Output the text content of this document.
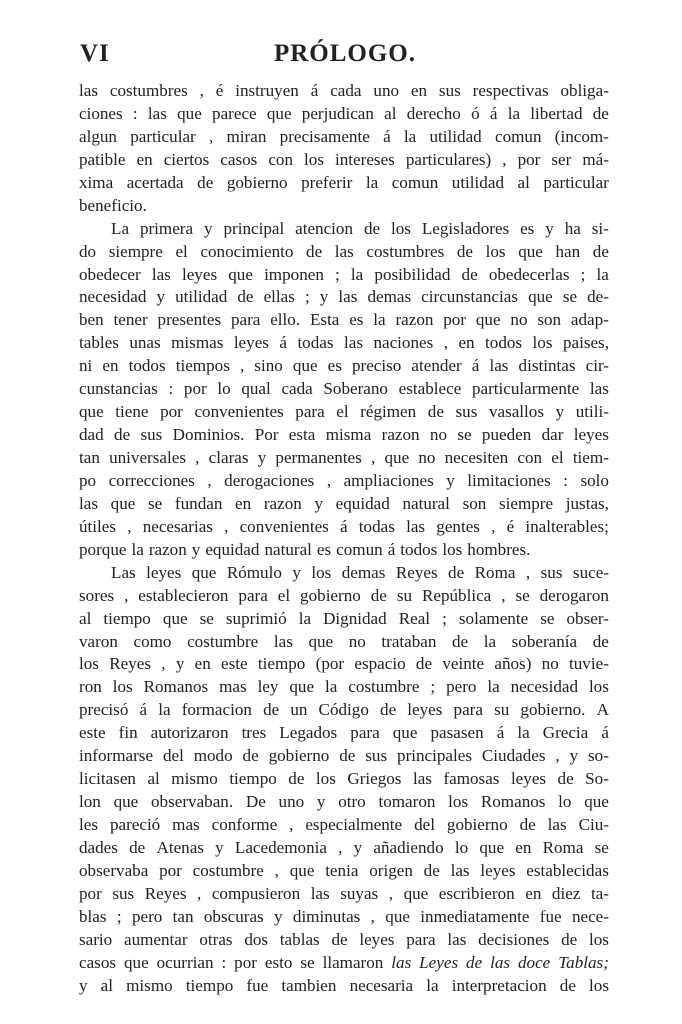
VI	PRÓLOGO.
las costumbres , é instruyen á cada uno en sus respectivas obliga-
ciones : las que parece que perjudican al derecho ó á la libertad de
algun particular , miran precisamente á la utilidad comun (incom-
patible en ciertos casos con los intereses particulares) , por ser má-
xima acertada de gobierno preferir la comun utilidad al particular
beneficio.
La primera y principal atencion de los Legisladores es y ha si-
do siempre el conocimiento de las costumbres de los que han de
obedecer las leyes que imponen ; la posibilidad de obedecerlas ; la
necesidad y utilidad de ellas ; y las demas circunstancias que se de-
ben tener presentes para ello. Esta es la razon por que no son adap-
tables unas mismas leyes á todas las naciones , en todos los paises,
ni en todos tiempos , sino que es preciso atender á las distintas cir-
cunstancias : por lo qual cada Soberano establece particularmente las
que tiene por convenientes para el régimen de sus vasallos y utili-
dad de sus Dominios. Por esta misma razon no se pueden dar leyes
tan universales , claras y permanentes , que no necesiten con el tiem-
po correcciones , derogaciones , ampliaciones y limitaciones : solo
las que se fundan en razon y equidad natural son siempre justas,
útiles , necesarias , convenientes á todas las gentes , é inalterables;
porque la razon y equidad natural es comun á todos los hombres.
Las leyes que Rómulo y los demas Reyes de Roma , sus suce-
sores , establecieron para el gobierno de su República , se derogaron
al tiempo que se suprimió la Dignidad Real ; solamente se obser-
varon como costumbre las que no trataban de la soberanía de
los Reyes , y en este tiempo (por espacio de veinte años) no tuvie-
ron los Romanos mas ley que la costumbre ; pero la necesidad los
precisó á la formacion de un Código de leyes para su gobierno. A
este fin autorizaron tres Legados para que pasasen á la Grecia á
informarse del modo de gobierno de sus principales Ciudades , y so-
licitasen al mismo tiempo de los Griegos las famosas leyes de So-
lon que observaban. De uno y otro tomaron los Romanos lo que
les pareció mas conforme , especialmente del gobierno de las Ciu-
dades de Atenas y Lacedemonia , y añadiendo lo que en Roma se
observaba por costumbre , que tenia origen de las leyes establecidas
por sus Reyes , compusieron las suyas , que escribieron en diez ta-
blas ; pero tan obscuras y diminutas , que inmediatamente fue nece-
sario aumentar otras dos tablas de leyes para las decisiones de los
casos que ocurrian : por esto se llamaron las Leyes de las doce Tablas;
y al mismo tiempo fue tambien necesaria la interpretacion de los
